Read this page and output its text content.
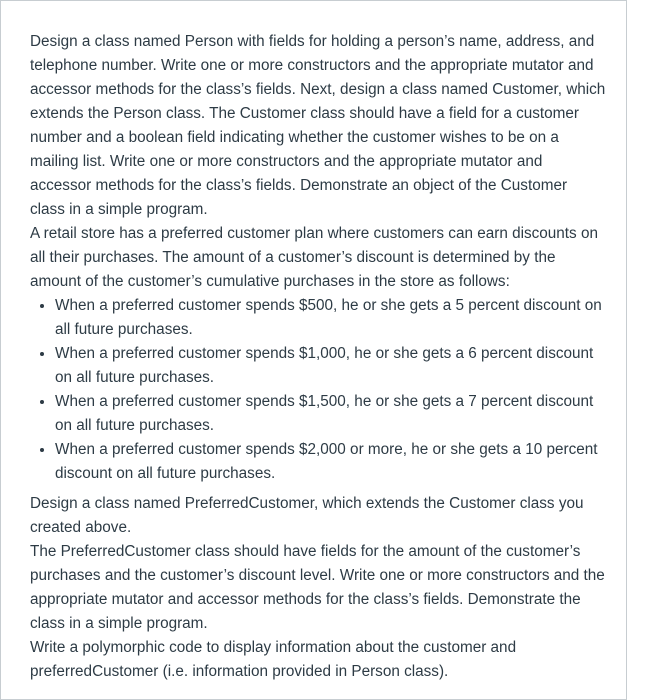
Design a class named Person with fields for holding a person’s name, address, and telephone number. Write one or more constructors and the appropriate mutator and accessor methods for the class’s fields. Next, design a class named Customer, which extends the Person class. The Customer class should have a field for a customer number and a boolean field indicating whether the customer wishes to be on a mailing list. Write one or more constructors and the appropriate mutator and accessor methods for the class’s fields. Demonstrate an object of the Customer class in a simple program.

A retail store has a preferred customer plan where customers can earn discounts on all their purchases. The amount of a customer’s discount is determined by the amount of the customer’s cumulative purchases in the store as follows:

• When a preferred customer spends $500, he or she gets a 5 percent discount on all future purchases.
• When a preferred customer spends $1,000, he or she gets a 6 percent discount on all future purchases.
• When a preferred customer spends $1,500, he or she gets a 7 percent discount on all future purchases.
• When a preferred customer spends $2,000 or more, he or she gets a 10 percent discount on all future purchases.

Design a class named PreferredCustomer, which extends the Customer class you created above.

The PreferredCustomer class should have fields for the amount of the customer’s purchases and the customer’s discount level. Write one or more constructors and the appropriate mutator and accessor methods for the class’s fields. Demonstrate the class in a simple program.

Write a polymorphic code to display information about the customer and preferredCustomer (i.e. information provided in Person class).
